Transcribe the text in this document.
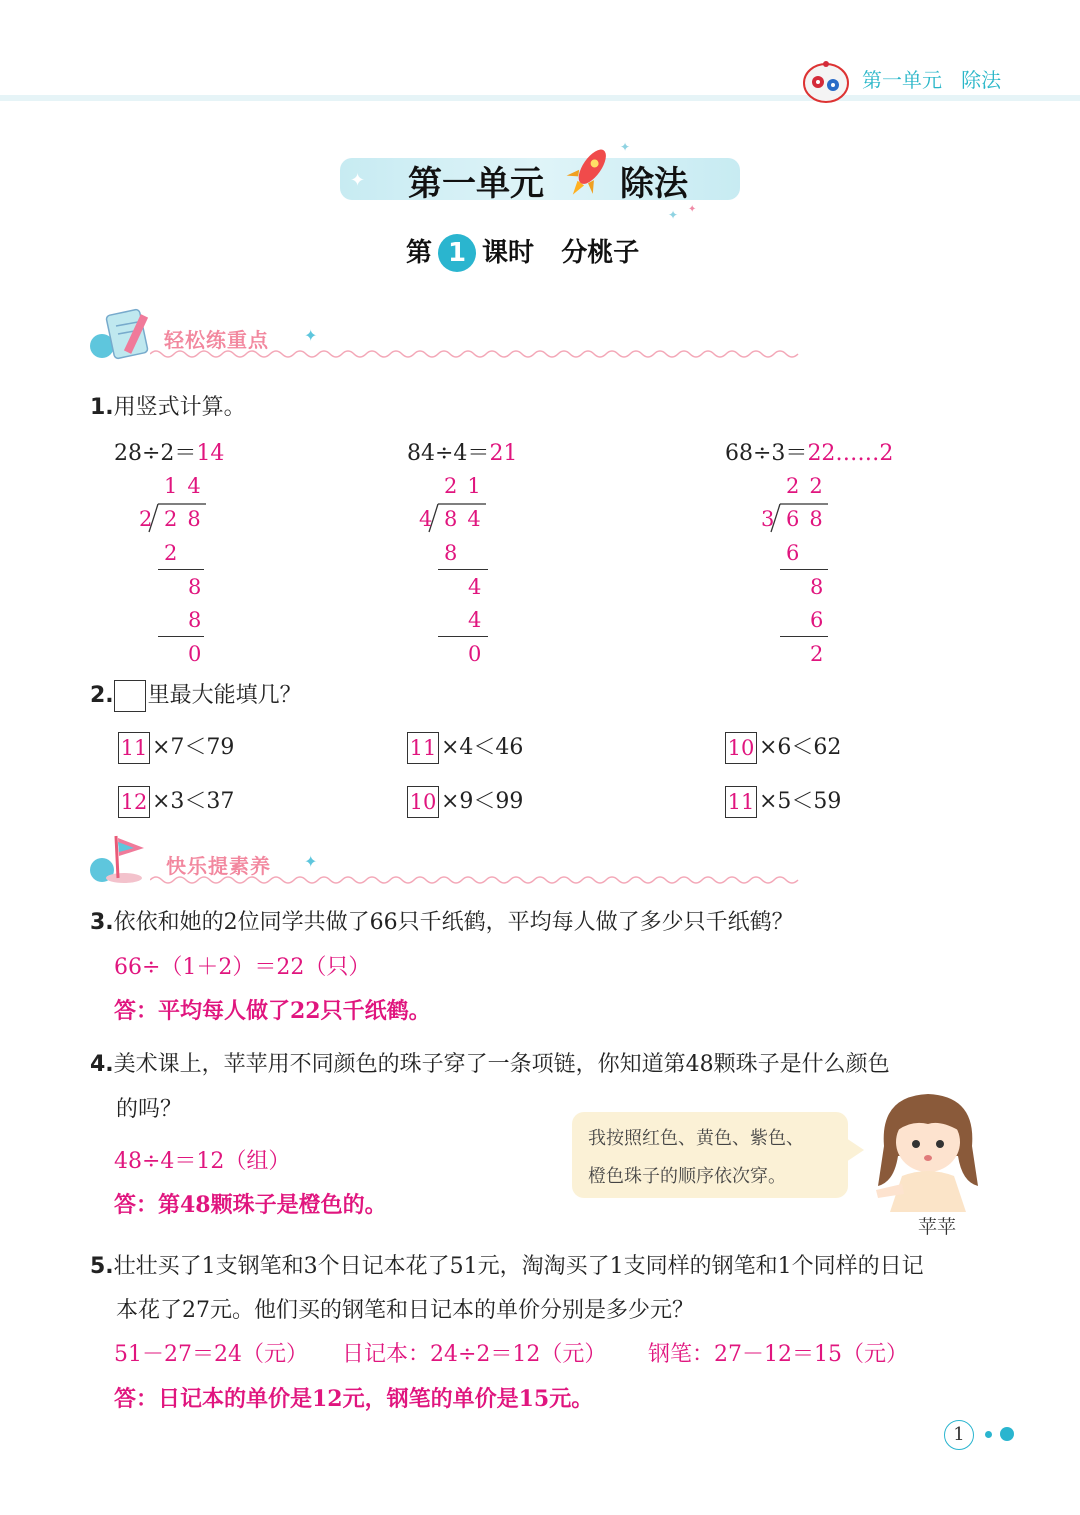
第一单元 除法
✦
✦
✦ ✦
第一单元 除法
第 1 课时 分桃子
轻松练重点 ✦
1.用竖式计算。
28÷2＝14
14
2 28
2
8
8
0
84÷4＝21
21
4 84
8
4
4
0
68÷3＝22……2
22
3 68
6
8
6
2
2. 里最大能填几？
11 ×7＜79	11 ×4＜46	10 ×6＜62
12 ×3＜37	10 ×9＜99	11 ×5＜59
快乐提素养 ✦
3.依依和她的2位同学共做了66只千纸鹤，平均每人做了多少只千纸鹤？
66÷（1＋2）＝22（只）
答：平均每人做了22只千纸鹤。
4.美术课上，苹苹用不同颜色的珠子穿了一条项链，你知道第48颗珠子是什么颜色
的吗？
48÷4＝12（组）
答：第48颗珠子是橙色的。
我按照红色、黄色、紫色、
橙色珠子的顺序依次穿。
苹苹
5.壮壮买了1支钢笔和3个日记本花了51元，淘淘买了1支同样的钢笔和1个同样的日记
本花了27元。他们买的钢笔和日记本的单价分别是多少元？
51－27＝24（元） 日记本：24÷2＝12（元） 钢笔：27－12＝15（元）
答：日记本的单价是12元，钢笔的单价是15元。
1
